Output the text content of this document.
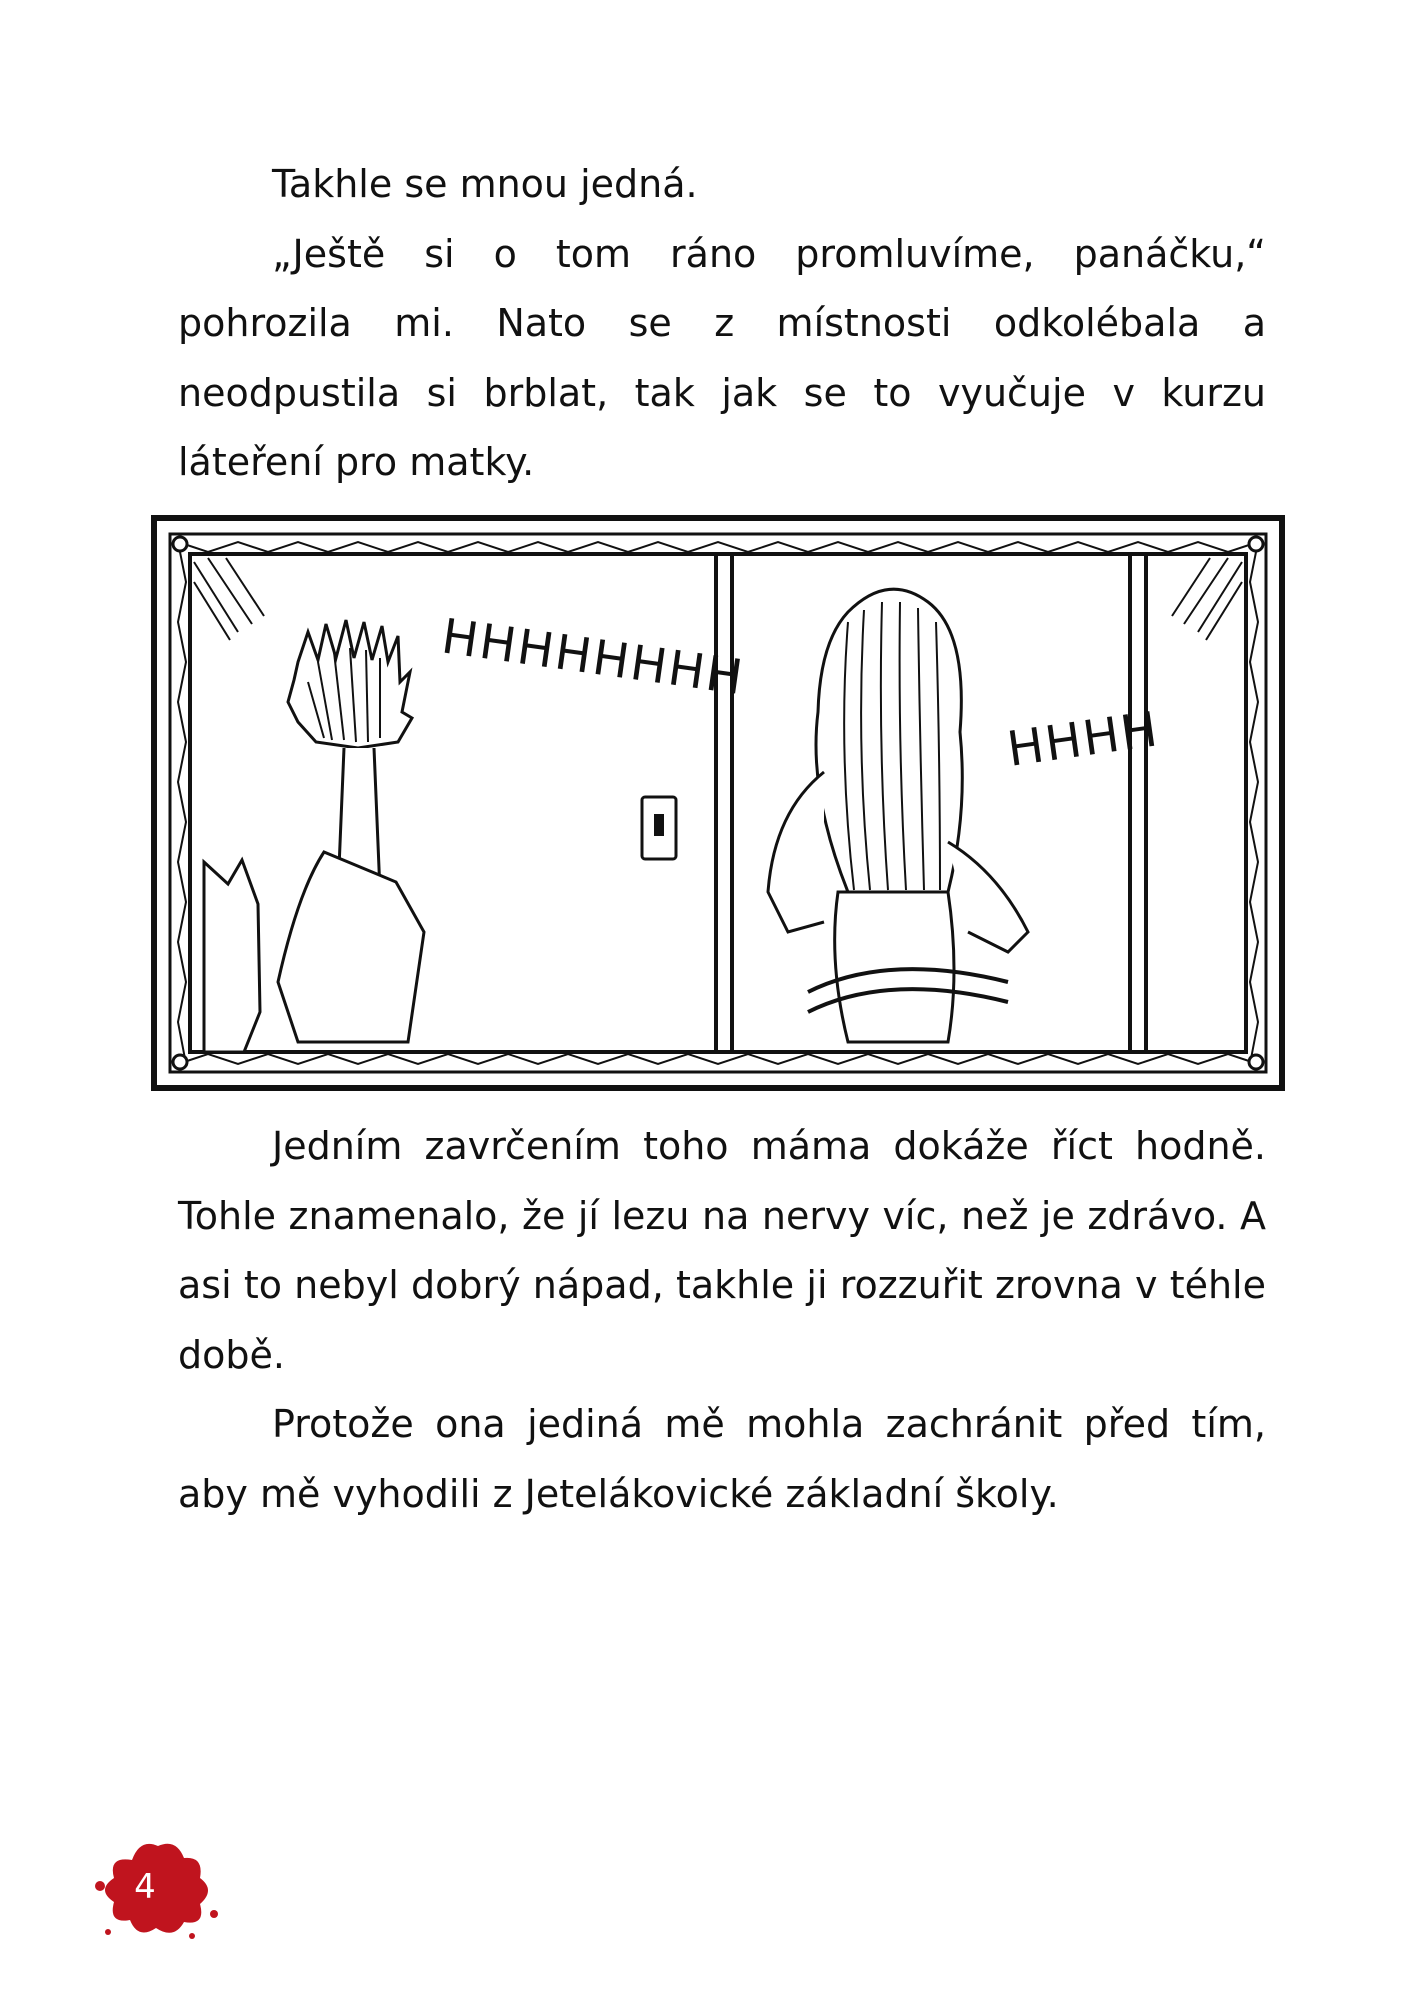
Takhle se mnou jedná.

„Ještě si o tom ráno promluvíme, panáčku,“ pohrozila mi. Nato se z místnosti odkolébala a neodpustila si brblat, tak jak se to vyučuje v kurzu láteření pro matky.

HHHHHHHH
HHHH

Jedním zavrčením toho máma dokáže říct hodně. Tohle znamenalo, že jí lezu na nervy víc, než je zdrávo. A asi to nebyl dobrý nápad, takhle ji rozzuřit zrovna v téhle době.

Protože ona jediná mě mohla zachránit před tím, aby mě vyhodili z Jetelákovické základní školy.

4
